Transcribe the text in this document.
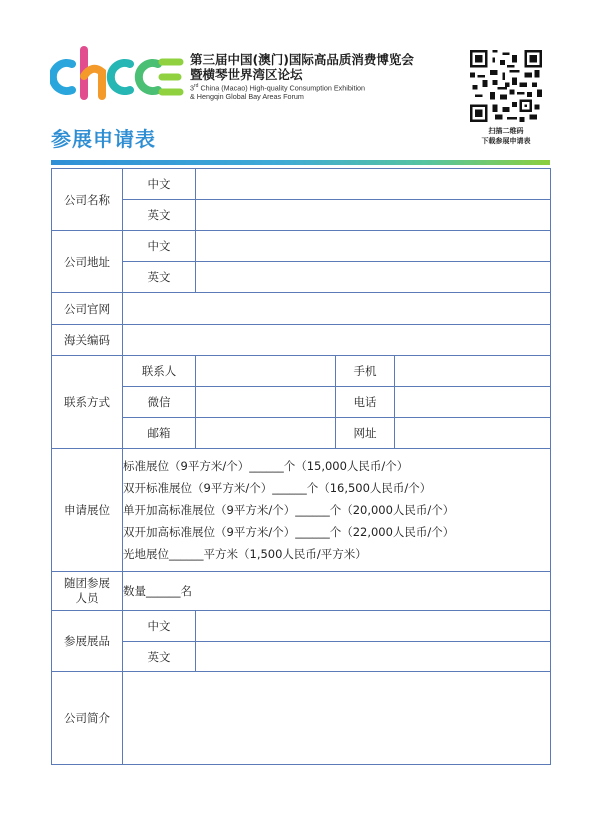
第三届中国(澳门)国际高品质消费博览会
暨横琴世界湾区论坛
3rd China (Macao) High-quality Consumption Exhibition
& Hengqin Global Bay Areas Forum
扫描二维码
下载参展申请表
参展申请表
公司名称	中文			
	英文			
公司地址	中文			
	英文			
公司官网				
海关编码				
联系方式	联系人		手机	
	微信		电话	
	邮箱		网址	
申请展位	标准展位（9平方米/个）______个（15,000人民币/个）
双开标准展位（9平方米/个）______个（16,500人民币/个）
单开加高标准展位（9平方米/个）______个（20,000人民币/个）
双开加高标准展位（9平方米/个）______个（22,000人民币/个）
光地展位______平方米（1,500人民币/平方米）			

随团参展
人员	数量______名			
参展展品	中文			
	英文			
公司简介				
